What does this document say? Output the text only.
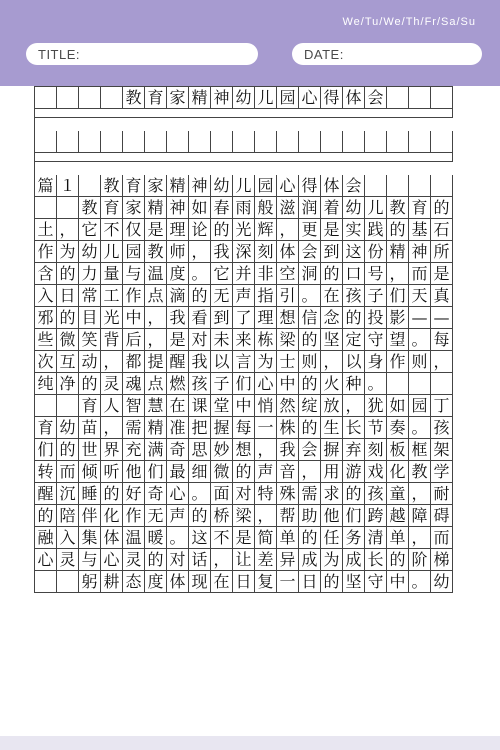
We/Tu/We/Th/Fr/Sa/Su
TITLE:	DATE:
教 育 家 精 神 幼 儿 园 心 得 体 会
篇 １ 教 育 家 精 神 幼 儿 园 心 得 体 会
教 育 家 精 神 如 春 雨 般 滋 润 着 幼 儿 教 育 的
土 ， 它 不 仅 是 理 论 的 光 辉 ， 更 是 实 践 的 基 石
作 为 幼 儿 园 教 师 ， 我 深 刻 体 会 到 这 份 精 神 所
含 的 力 量 与 温 度 。 它 并 非 空 洞 的 口 号 ， 而 是
入 日 常 工 作 点 滴 的 无 声 指 引 。 在 孩 子 们 天 真
邪 的 目 光 中 ， 我 看 到 了 理 想 信 念 的 投 影 — —
些 微 笑 背 后 ， 是 对 未 来 栋 梁 的 坚 定 守 望 。 每
次 互 动 ， 都 提 醒 我 以 言 为 士 则 ， 以 身 作 则 ，
纯 净 的 灵 魂 点 燃 孩 子 们 心 中 的 火 种 。
育 人 智 慧 在 课 堂 中 悄 然 绽 放 ， 犹 如 园 丁
育 幼 苗 ， 需 精 准 把 握 每 一 株 的 生 长 节 奏 。 孩
们 的 世 界 充 满 奇 思 妙 想 ， 我 会 摒 弃 刻 板 框 架
转 而 倾 听 他 们 最 细 微 的 声 音 ， 用 游 戏 化 教 学
醒 沉 睡 的 好 奇 心 。 面 对 特 殊 需 求 的 孩 童 ， 耐
的 陪 伴 化 作 无 声 的 桥 梁 ， 帮 助 他 们 跨 越 障 碍
融 入 集 体 温 暖 。 这 不 是 简 单 的 任 务 清 单 ， 而
心 灵 与 心 灵 的 对 话 ， 让 差 异 成 为 成 长 的 阶 梯
躬 耕 态 度 体 现 在 日 复 一 日 的 坚 守 中 。 幼
